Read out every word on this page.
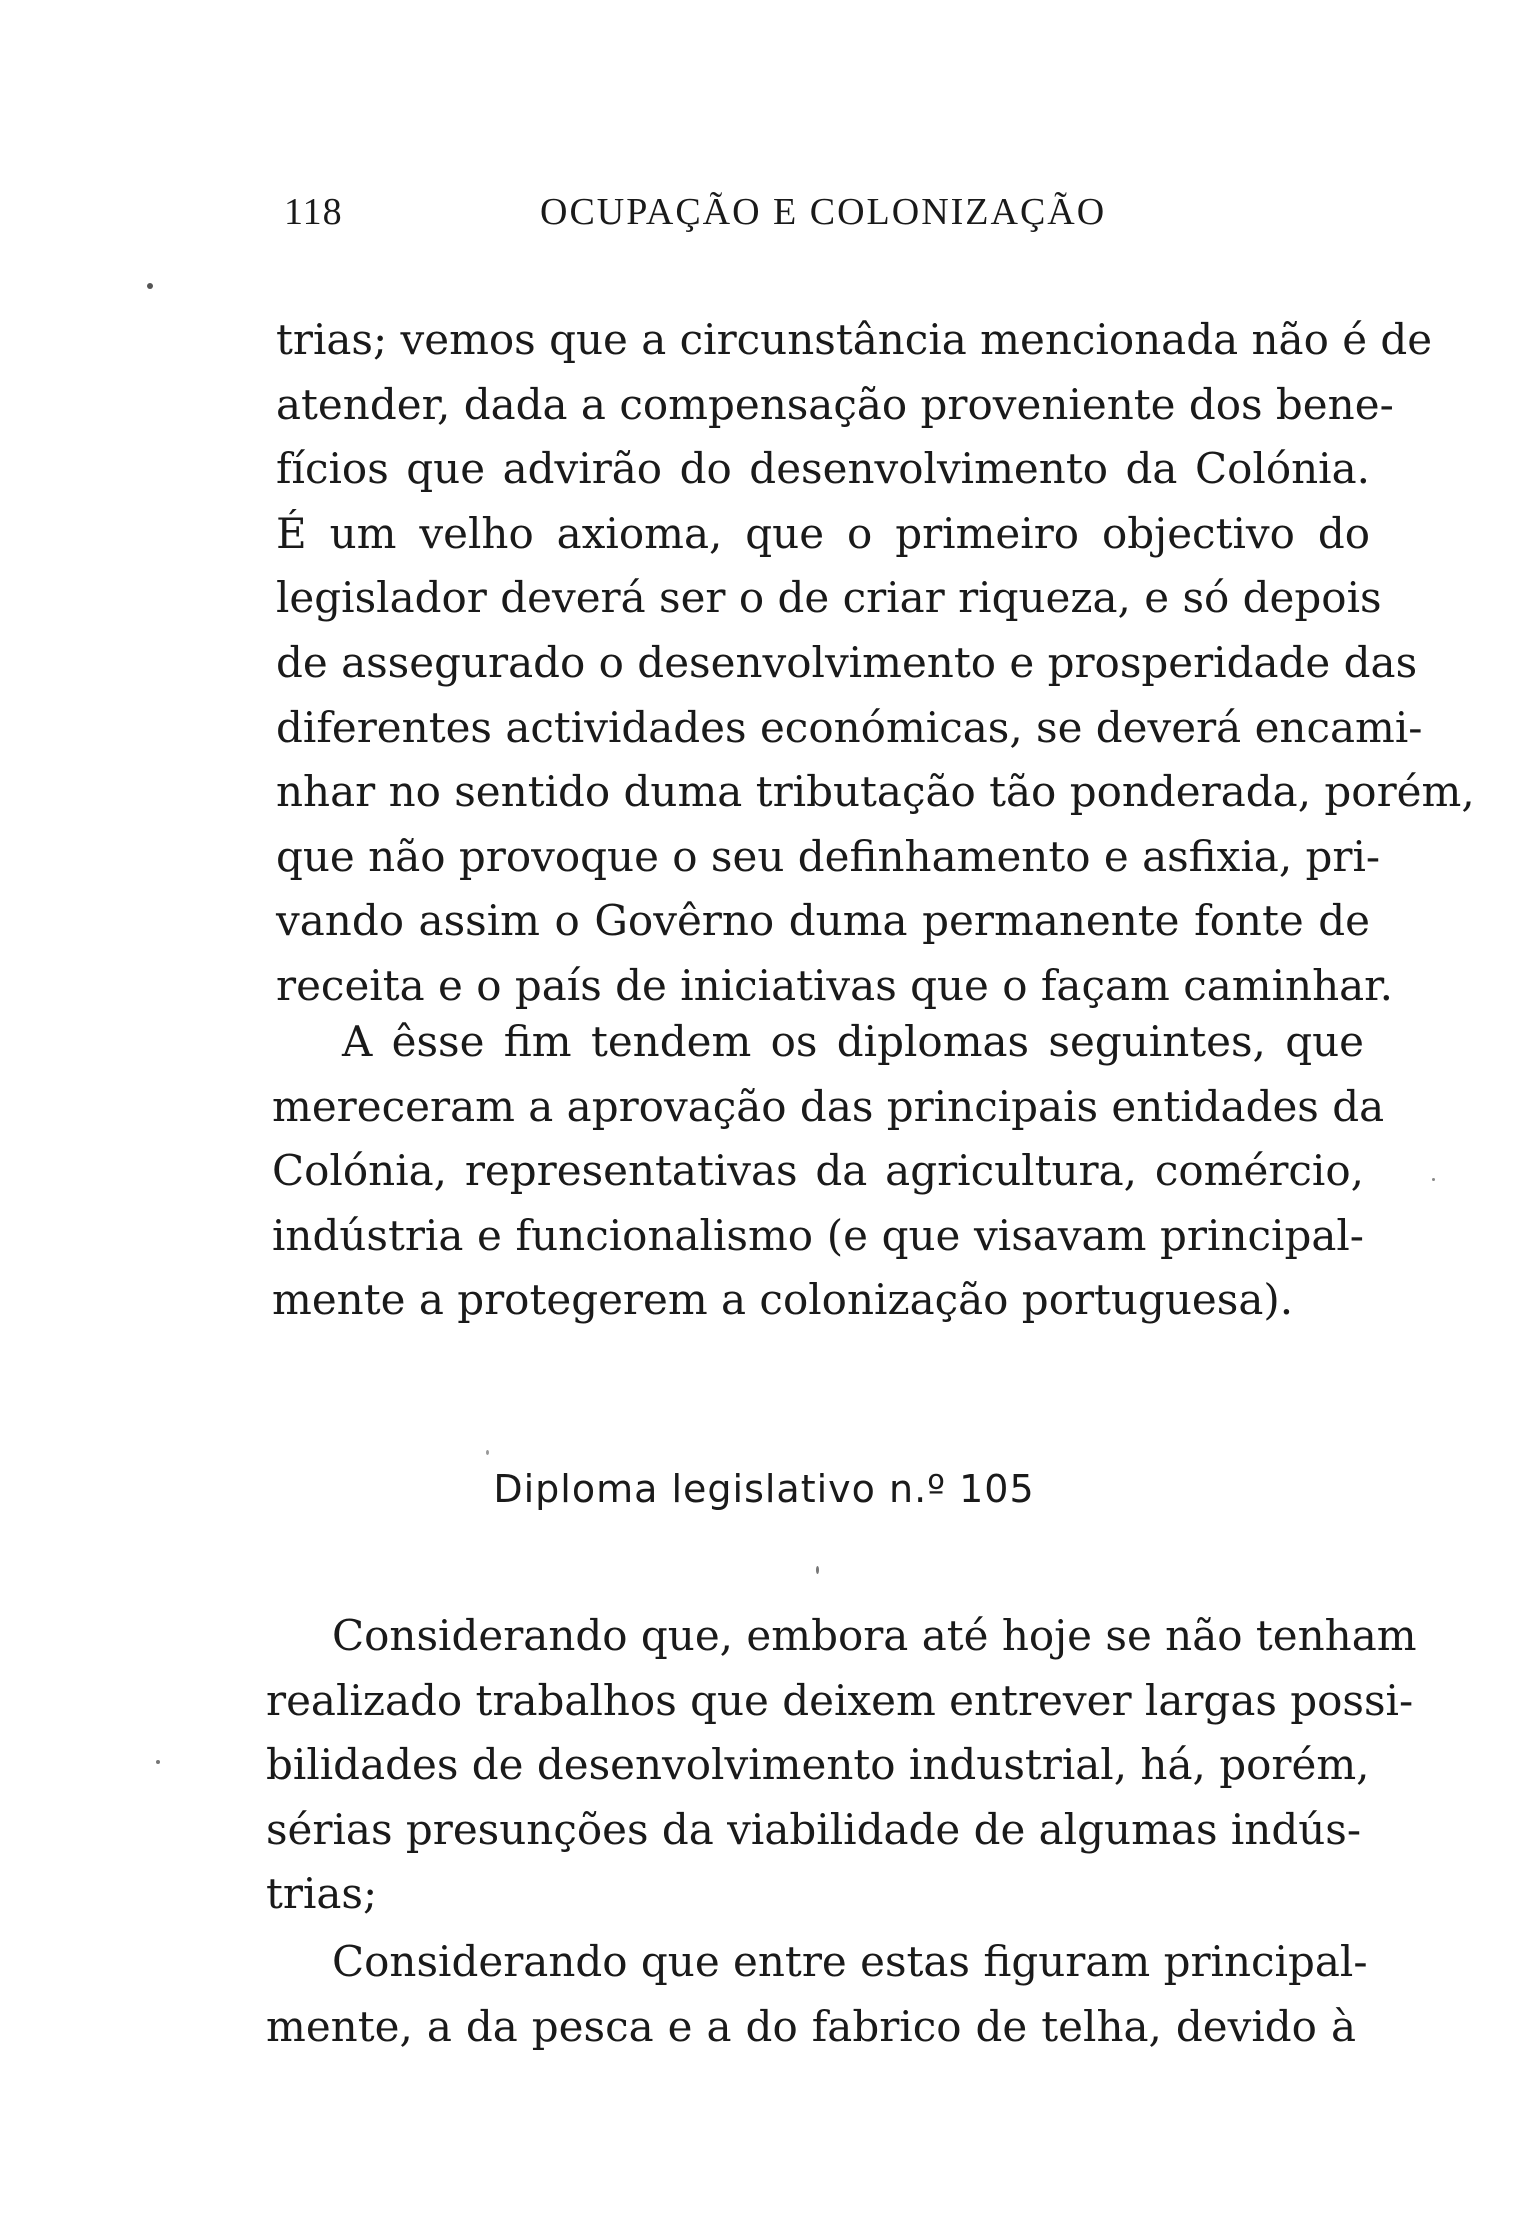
118	OCUPAÇÃO E COLONIZAÇÃO
trias; vemos que a circunstância mencionada não é de
atender, dada a compensação proveniente dos bene-
fícios que advirão do desenvolvimento da Colónia.
É um velho axioma, que o primeiro objectivo do
legislador deverá ser o de criar riqueza, e só depois
de assegurado o desenvolvimento e prosperidade das
diferentes actividades económicas, se deverá encami-
nhar no sentido duma tributação tão ponderada, porém,
que não provoque o seu definhamento e asfixia, pri-
vando assim o Govêrno duma permanente fonte de
receita e o país de iniciativas que o façam caminhar.
A êsse fim tendem os diplomas seguintes, que
mereceram a aprovação das principais entidades da
Colónia, representativas da agricultura, comércio,
indústria e funcionalismo (e que visavam principal-
mente a protegerem a colonização portuguesa).
Diploma legislativo n.º 105
Considerando que, embora até hoje se não tenham
realizado trabalhos que deixem entrever largas possi-
bilidades de desenvolvimento industrial, há, porém,
sérias presunções da viabilidade de algumas indús-
trias;
Considerando que entre estas figuram principal-
mente, a da pesca e a do fabrico de telha, devido à
